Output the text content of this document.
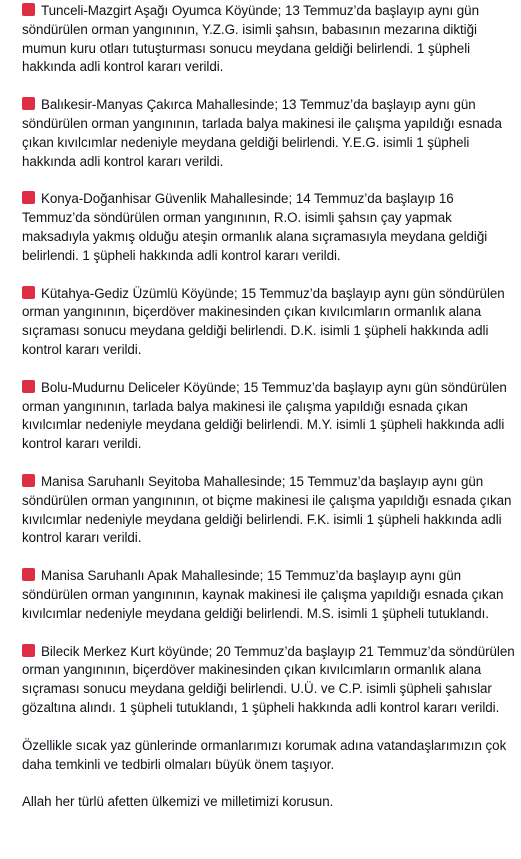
Tunceli-Mazgirt Aşağı Oyumca Köyünde; 13 Temmuz’da başlayıp aynı gün söndürülen orman yangınının, Y.Z.G. isimli şahsın, babasının mezarına diktiği mumun kuru otları tutuşturması sonucu meydana geldiği belirlendi. 1 şüpheli hakkında adli kontrol kararı verildi.
Balıkesir-Manyas Çakırca Mahallesinde; 13 Temmuz’da başlayıp aynı gün söndürülen orman yangınının, tarlada balya makinesi ile çalışma yapıldığı esnada çıkan kıvılcımlar nedeniyle meydana geldiği belirlendi. Y.E.G. isimli 1 şüpheli hakkında adli kontrol kararı verildi.
Konya-Doğanhisar Güvenlik Mahallesinde; 14 Temmuz’da başlayıp 16 Temmuz’da söndürülen orman yangınının, R.O. isimli şahsın çay yapmak maksadıyla yakmış olduğu ateşin ormanlık alana sıçramasıyla meydana geldiği belirlendi. 1 şüpheli hakkında adli kontrol kararı verildi.
Kütahya-Gediz Üzümlü Köyünde; 15 Temmuz’da başlayıp aynı gün söndürülen orman yangınının, biçerdöver makinesinden çıkan kıvılcımların ormanlık alana sıçraması sonucu meydana geldiği belirlendi. D.K. isimli 1 şüpheli hakkında adli kontrol kararı verildi.
Bolu-Mudurnu Deliceler Köyünde; 15 Temmuz’da başlayıp aynı gün söndürülen orman yangınının, tarlada balya makinesi ile çalışma yapıldığı esnada çıkan kıvılcımlar nedeniyle meydana geldiği belirlendi. M.Y. isimli 1 şüpheli hakkında adli kontrol kararı verildi.
Manisa Saruhanlı Seyitoba Mahallesinde; 15 Temmuz’da başlayıp aynı gün söndürülen orman yangınının, ot biçme makinesi ile çalışma yapıldığı esnada çıkan kıvılcımlar nedeniyle meydana geldiği belirlendi. F.K. isimli 1 şüpheli hakkında adli kontrol kararı verildi.
Manisa Saruhanlı Apak Mahallesinde; 15 Temmuz’da başlayıp aynı gün söndürülen orman yangınının, kaynak makinesi ile çalışma yapıldığı esnada çıkan kıvılcımlar nedeniyle meydana geldiği belirlendi. M.S. isimli 1 şüpheli tutuklandı.
Bilecik Merkez Kurt köyünde; 20 Temmuz’da başlayıp 21 Temmuz’da söndürülen orman yangınının, biçerdöver makinesinden çıkan kıvılcımların ormanlık alana sıçraması sonucu meydana geldiği belirlendi. U.Ü. ve C.P. isimli şüpheli şahıslar gözaltına alındı. 1 şüpheli tutuklandı, 1 şüpheli hakkında adli kontrol kararı verildi.
Özellikle sıcak yaz günlerinde ormanlarımızı korumak adına vatandaşlarımızın çok daha temkinli ve tedbirli olmaları büyük önem taşıyor.
Allah her türlü afetten ülkemizi ve milletimizi korusun.
